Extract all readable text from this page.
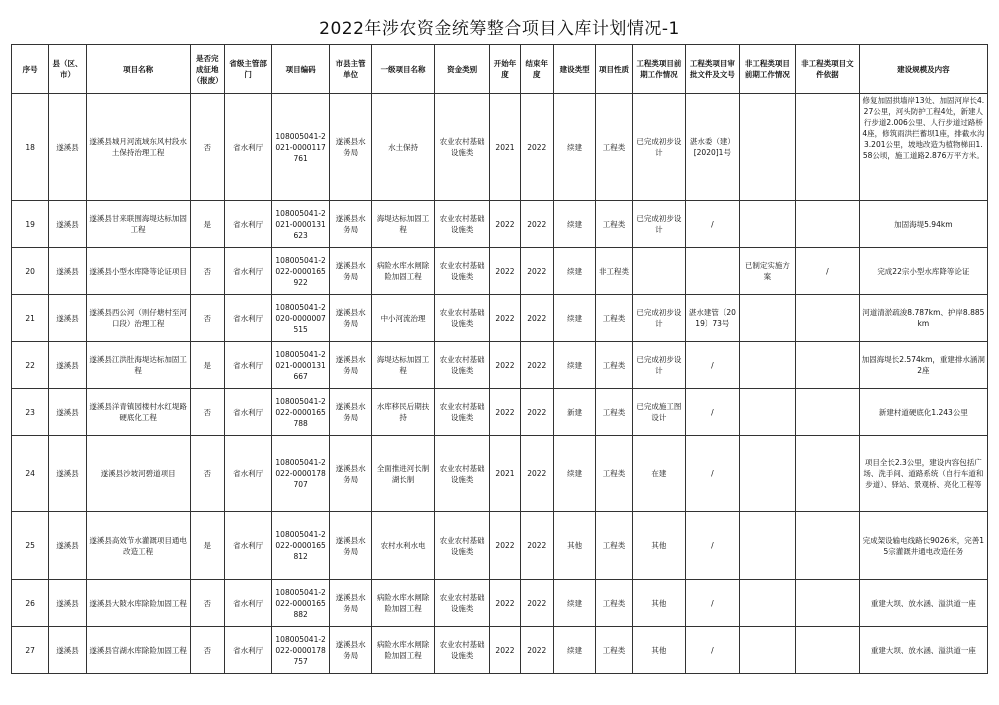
2022年涉农资金统筹整合项目入库计划情况-1
序号	县（区、市）	项目名称	是否完成征地（报废）	省级主管部门	项目编码	市县主管单位	一级项目名称	资金类别	开始年度	结束年度	建设类型	项目性质	工程类项目前期工作情况	工程类项目审批文件及文号	非工程类项目前期工作情况	非工程类项目文件依据	建设规模及内容
18	遂溪县	遂溪县城月河流域东风村段水土保持治理工程	否	省水利厅	108005041-2021-0000117761	遂溪县水务局	水土保持	农业农村基础设施类	2021	2022	续建	工程类	已完成初步设计	湛水委（建）[2020]1号			修复加固拱墙岸13处、加固河岸长4.27公里，河头防护工程4处，新建人行步道2.006公里、人行步道过路桥4座，修筑雨洪拦蓄坝1座，排截水沟3.201公里，坡地改造为植物梯田1.58公顷，施工道路2.876万平方米。

19	遂溪县	遂溪县甘来联围海堤达标加固工程	是	省水利厅	108005041-2021-0000131623	遂溪县水务局	海堤达标加固工程	农业农村基础设施类	2022	2022	续建	工程类	已完成初步设计	/			加固海堤5.94km
20	遂溪县	遂溪县小型水库降等论证项目	否	省水利厅	108005041-2022-0000165922	遂溪县水务局	病险水库水闸除险加固工程	农业农村基础设施类	2022	2022	续建	非工程类			已制定实施方案	/	完成22宗小型水库降等论证
21	遂溪县	遂溪县西公河（则仔塘村至河口段）治理工程	否	省水利厅	108005041-2020-0000007515	遂溪县水务局	中小河流治理	农业农村基础设施类	2022	2022	续建	工程类	已完成初步设计	湛水建管〔2019〕73号			河道清淤疏浚8.787km、护岸8.885km
22	遂溪县	遂溪县江洪肚海堤达标加固工程	是	省水利厅	108005041-2021-0000131667	遂溪县水务局	海堤达标加固工程	农业农村基础设施类	2022	2022	续建	工程类	已完成初步设计	/			加固海堤长2.574km，重建排水涵洞2座
23	遂溪县	遂溪县洋青镇园楼村水红堤路硬底化工程	否	省水利厅	108005041-2022-0000165788	遂溪县水务局	水库移民后期扶持	农业农村基础设施类	2022	2022	新建	工程类	已完成施工图设计	/			新建村道硬底化1.243公里
24	遂溪县	遂溪县沙坡河碧道项目	否	省水利厅	108005041-2022-0000178707	遂溪县水务局	全面推进河长制湖长制	农业农村基础设施类	2021	2022	续建	工程类	在建	/			项目全长2.3公里，建设内容包括广场、洗手间、道路系统（自行车道和步道）、驿站、景观桥、亮化工程等
25	遂溪县	遂溪县高效节水灌溉项目通电改造工程	是	省水利厅	108005041-2022-0000165812	遂溪县水务局	农村水利水电	农业农村基础设施类	2022	2022	其他	工程类	其他	/			完成架设输电线路长9026米，完善15宗灌溉井通电改造任务
26	遂溪县	遂溪县大陂水库除险加固工程	否	省水利厅	108005041-2022-0000165882	遂溪县水务局	病险水库水闸除险加固工程	农业农村基础设施类	2022	2022	续建	工程类	其他	/			重建大坝、放水涵、溢洪道一座
27	遂溪县	遂溪县官湖水库除险加固工程	否	省水利厅	108005041-2022-0000178757	遂溪县水务局	病险水库水闸除险加固工程	农业农村基础设施类	2022	2022	续建	工程类	其他	/			重建大坝、放水涵、溢洪道一座
